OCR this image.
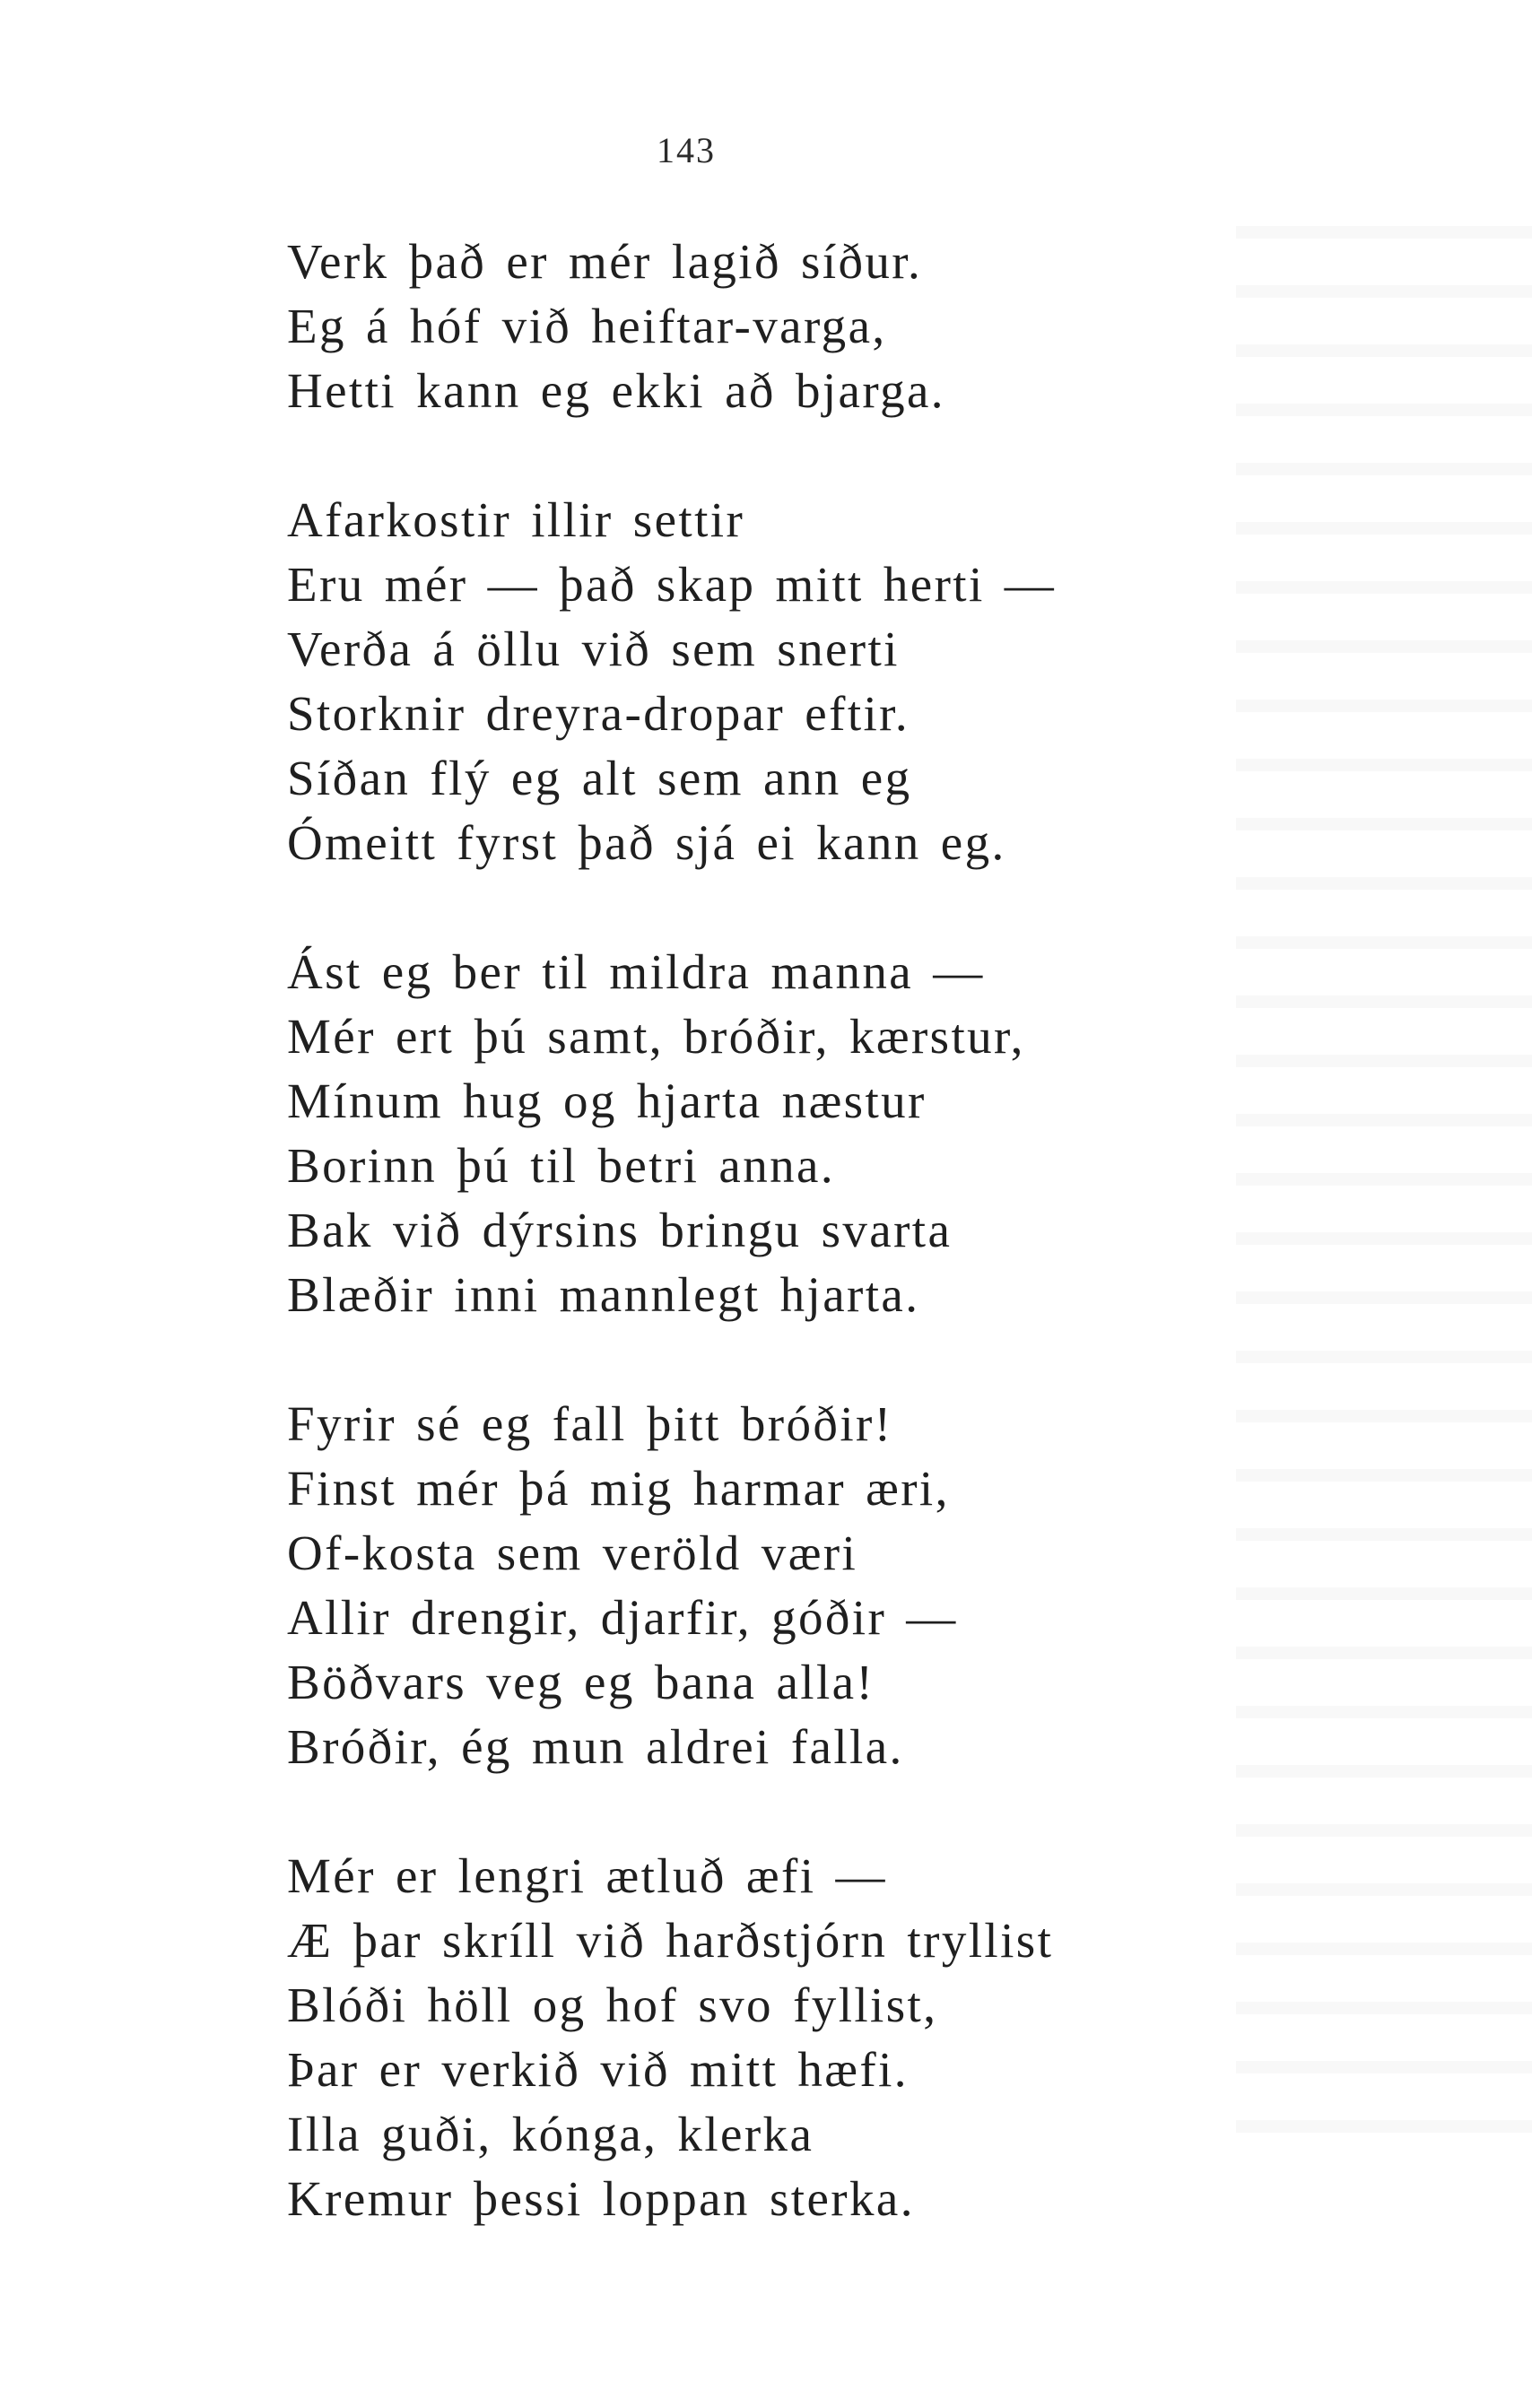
143
Verk það er mér lagið síður.
Eg á hóf við heiftar-varga,
Hetti kann eg ekki að bjarga.
Afarkostir illir settir
Eru mér — það skap mitt herti —
Verða á öllu við sem snerti
Storknir dreyra-dropar eftir.
Síðan flý eg alt sem ann eg
Ómeitt fyrst það sjá ei kann eg.
Ást eg ber til mildra manna —
Mér ert þú samt, bróðir, kærstur,
Mínum hug og hjarta næstur
Borinn þú til betri anna.
Bak við dýrsins bringu svarta
Blæðir inni mannlegt hjarta.
Fyrir sé eg fall þitt bróðir!
Finst mér þá mig harmar æri,
Of-kosta sem veröld væri
Allir drengir, djarfir, góðir —
Böðvars veg eg bana alla!
Bróðir, ég mun aldrei falla.
Mér er lengri ætluð æfi —
Æ þar skríll við harðstjórn tryllist
Blóði höll og hof svo fyllist,
Þar er verkið við mitt hæfi.
Illa guði, kónga, klerka
Kremur þessi loppan sterka.
